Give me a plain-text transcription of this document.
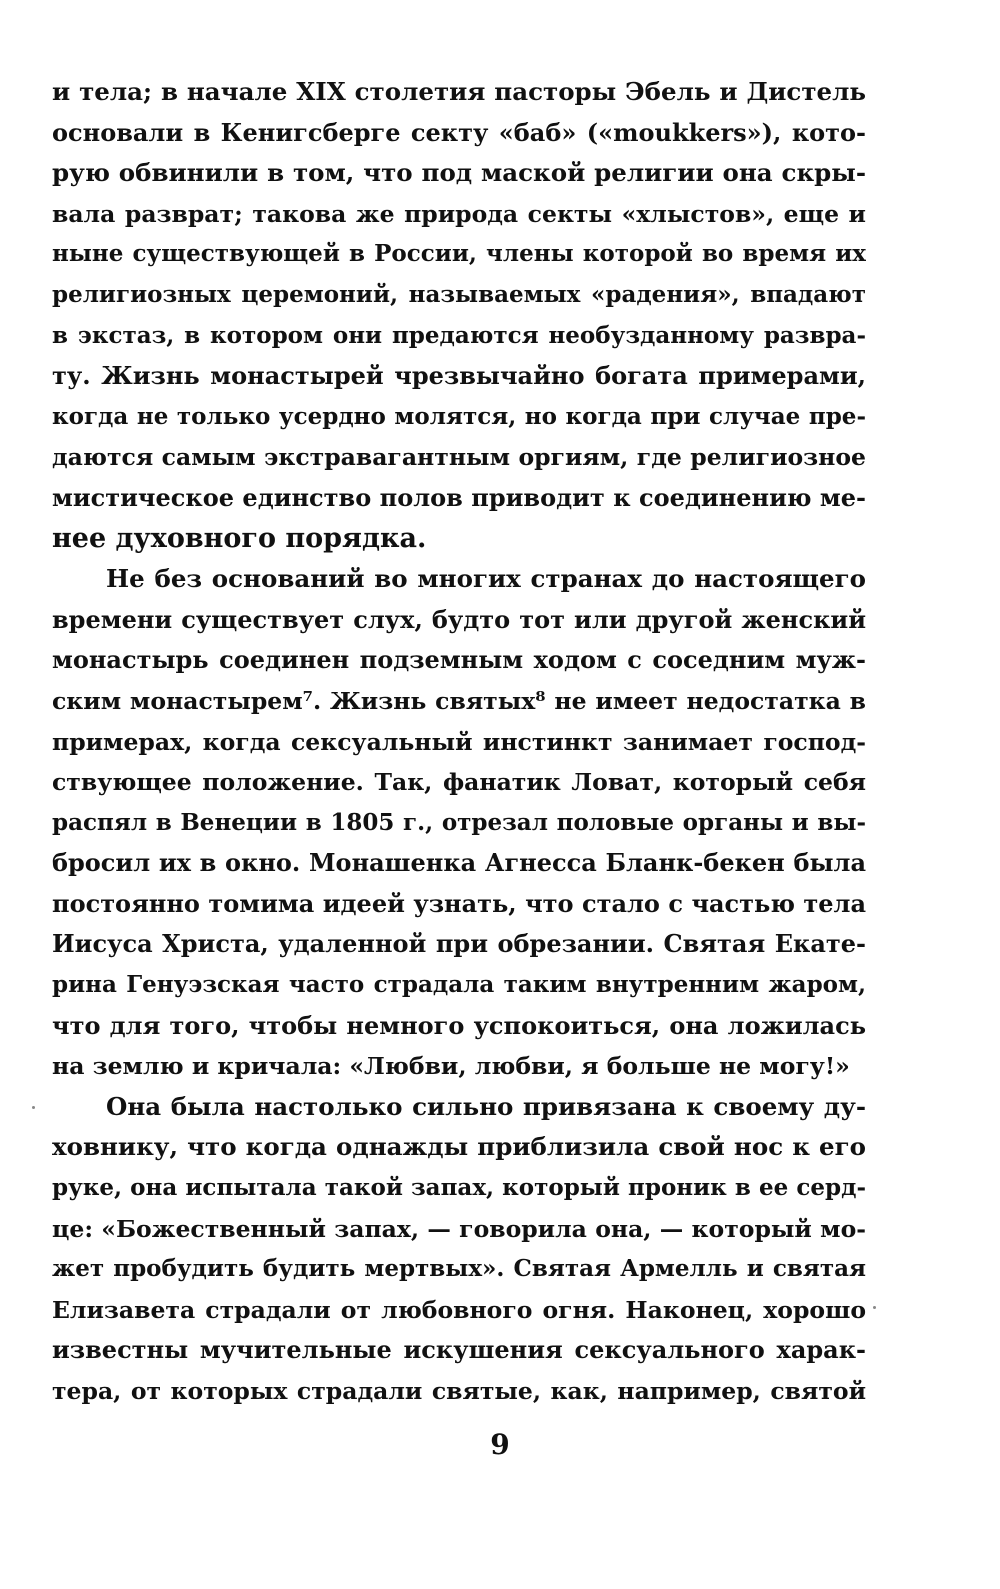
и тела; в начале XIX столетия пасторы Эбель и Дистель
основали в Кенигсберге секту «баб» («moukkers»), кото-
рую обвинили в том, что под маской религии она скры-
вала разврат; такова же природа секты «хлыстов», еще и
ныне существующей в России, члены которой во время их
религиозных церемоний, называемых «радения», впадают
в экстаз, в котором они предаются необузданному развра-
ту. Жизнь монастырей чрезвычайно богата примерами,
когда не только усердно молятся, но когда при случае пре-
даются самым экстравагантным оргиям, где религиозное
мистическое единство полов приводит к соединению ме-
нее духовного порядка.
Не без оснований во многих странах до настоящего
времени существует слух, будто тот или другой женский
монастырь соединен подземным ходом с соседним муж-
ским монастырем⁷. Жизнь святых⁸ не имеет недостатка в
примерах, когда сексуальный инстинкт занимает господ-
ствующее положение. Так, фанатик Ловат, который себя
распял в Венеции в 1805 г., отрезал половые органы и вы-
бросил их в окно. Монашенка Агнесса Бланк-бекен была
постоянно томима идеей узнать, что стало с частью тела
Иисуса Христа, удаленной при обрезании. Святая Екате-
рина Генуэзская часто страдала таким внутренним жаром,
что для того, чтобы немного успокоиться, она ложилась
на землю и кричала: «Любви, любви, я больше не могу!»
Она была настолько сильно привязана к своему ду-
ховнику, что когда однажды приблизила свой нос к его
руке, она испытала такой запах, который проник в ее серд-
це: «Божественный запах, — говорила она, — который мо-
жет пробудить будить мертвых». Святая Армелль и святая
Елизавета страдали от любовного огня. Наконец, хорошо
известны мучительные искушения сексуального харак-
тера, от которых страдали святые, как, например, святой
9
